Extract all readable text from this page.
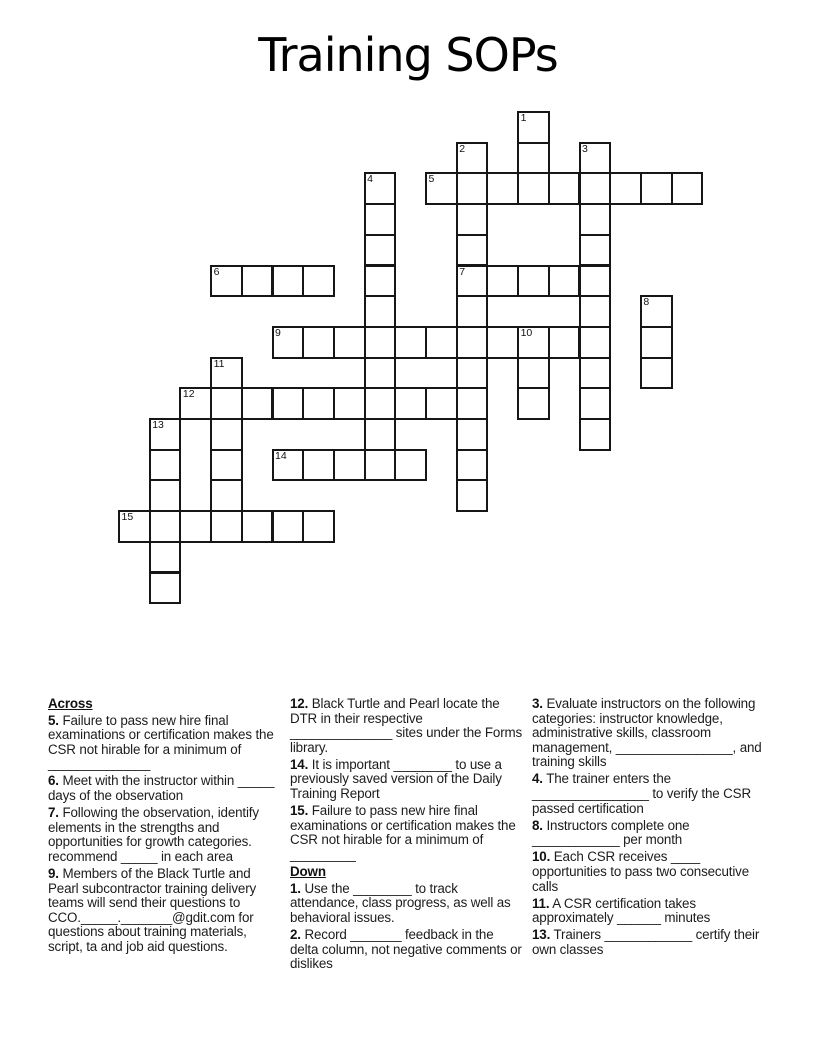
Training SOPs
1
2	3
4	5
6	7
8
9	10
11
12
13
14
15
Across
5. Failure to pass new hire final examinations or certification makes the CSR not hirable for a minimum of ______________
6. Meet with the instructor within _____ days of the observation
7. Following the observation, identify elements in the strengths and opportunities for growth categories. recommend _____ in each area
9. Members of the Black Turtle and Pearl subcontractor training delivery teams will send their questions to CCO._____._______@gdit.com for questions about training materials, script, ta and job aid questions.
12. Black Turtle and Pearl locate the DTR in their respective ______________ sites under the Forms library.
14. It is important ________ to use a previously saved version of the Daily Training Report
15. Failure to pass new hire final examinations or certification makes the CSR not hirable for a minimum of _________
Down
1. Use the ________ to track attendance, class progress, as well as behavioral issues.
2. Record _______ feedback in the delta column, not negative comments or dislikes
3. Evaluate instructors on the following categories: instructor knowledge, administrative skills, classroom management, ________________, and training skills
4. The trainer enters the ________________ to verify the CSR passed certification
8. Instructors complete one ____________ per month
10. Each CSR receives ____ opportunities to pass two consecutive calls
11. A CSR certification takes approximately ______ minutes
13. Trainers ____________ certify their own classes
